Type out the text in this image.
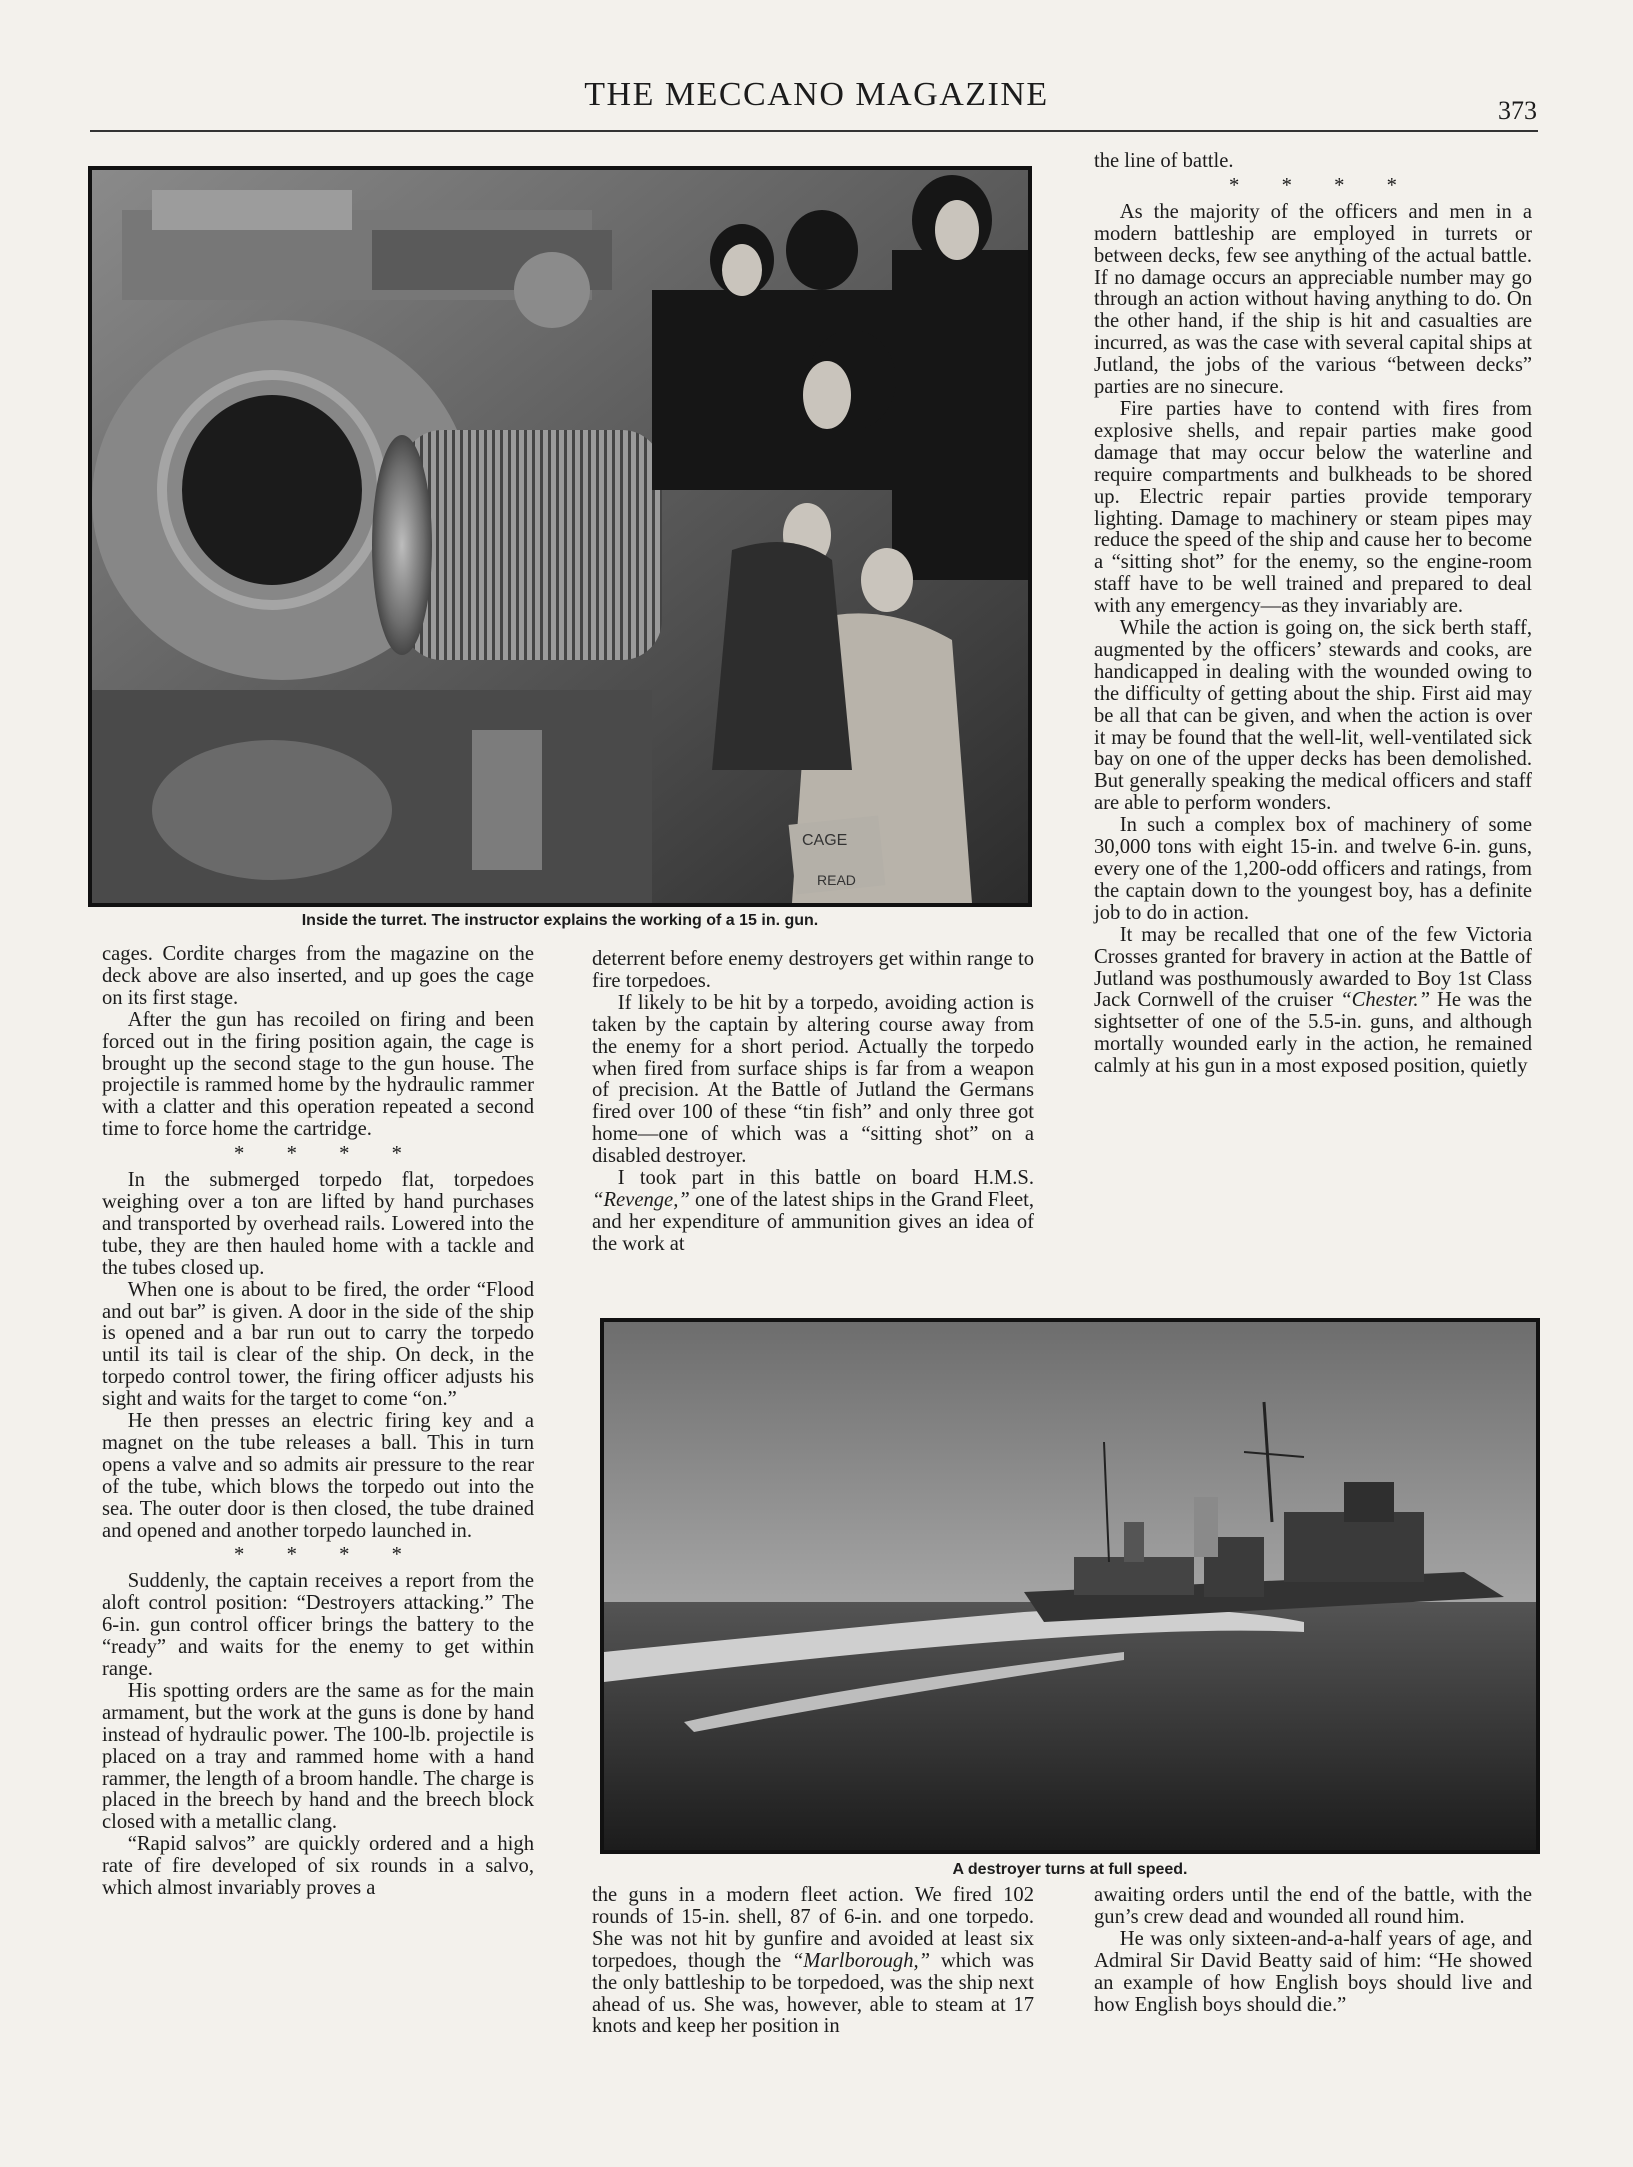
THE MECCANO MAGAZINE	373
CAGE
READ
Inside the turret. The instructor explains the working of a 15 in. gun.
A destroyer turns at full speed.

cages. Cordite charges from the magazine on the deck above are also inserted, and up goes the cage on its first stage.

After the gun has recoiled on firing and been forced out in the firing position again, the cage is brought up the second stage to the gun house. The projectile is rammed home by the hydraulic rammer with a clatter and this operation repeated a second time to force home the cartridge.

* * * *

In the submerged torpedo flat, torpedoes weighing over a ton are lifted by hand purchases and transported by overhead rails. Lowered into the tube, they are then hauled home with a tackle and the tubes closed up.

When one is about to be fired, the order “Flood and out bar” is given. A door in the side of the ship is opened and a bar run out to carry the torpedo until its tail is clear of the ship. On deck, in the torpedo control tower, the firing officer adjusts his sight and waits for the target to come “on.”

He then presses an electric firing key and a magnet on the tube releases a ball. This in turn opens a valve and so admits air pressure to the rear of the tube, which blows the torpedo out into the sea. The outer door is then closed, the tube drained and opened and another torpedo launched in.

* * * *

Suddenly, the captain receives a report from the aloft control position: “Destroyers attacking.” The 6-in. gun control officer brings the battery to the “ready” and waits for the enemy to get within range.

His spotting orders are the same as for the main armament, but the work at the guns is done by hand instead of hydraulic power. The 100-lb. projectile is placed on a tray and rammed home with a hand rammer, the length of a broom handle. The charge is placed in the breech by hand and the breech block closed with a metallic clang.

“Rapid salvos” are quickly ordered and a high rate of fire developed of six rounds in a salvo, which almost invariably proves a

deterrent before enemy destroyers get within range to fire torpedoes.

If likely to be hit by a torpedo, avoiding action is taken by the captain by altering course away from the enemy for a short period. Actually the torpedo when fired from surface ships is far from a weapon of precision. At the Battle of Jutland the Germans fired over 100 of these “tin fish” and only three got home—one of which was a “sitting shot” on a disabled destroyer.

I took part in this battle on board H.M.S. “Revenge,” one of the latest ships in the Grand Fleet, and her expenditure of ammunition gives an idea of the work at

the guns in a modern fleet action. We fired 102 rounds of 15-in. shell, 87 of 6-in. and one torpedo. She was not hit by gunfire and avoided at least six torpedoes, though the “Marlborough,” which was the only battleship to be torpedoed, was the ship next ahead of us. She was, however, able to steam at 17 knots and keep her position in

the line of battle.

* * * *

As the majority of the officers and men in a modern battleship are employed in turrets or between decks, few see anything of the actual battle. If no damage occurs an appreciable number may go through an action without having anything to do. On the other hand, if the ship is hit and casualties are incurred, as was the case with several capital ships at Jutland, the jobs of the various “between decks” parties are no sinecure.

Fire parties have to contend with fires from explosive shells, and repair parties make good damage that may occur below the waterline and require compartments and bulkheads to be shored up. Electric repair parties provide temporary lighting. Damage to machinery or steam pipes may reduce the speed of the ship and cause her to become a “sitting shot” for the enemy, so the engine-room staff have to be well trained and prepared to deal with any emergency—as they invariably are.

While the action is going on, the sick berth staff, augmented by the officers’ stewards and cooks, are handicapped in dealing with the wounded owing to the difficulty of getting about the ship. First aid may be all that can be given, and when the action is over it may be found that the well-lit, well-ventilated sick bay on one of the upper decks has been demolished. But generally speaking the medical officers and staff are able to perform wonders.

In such a complex box of machinery of some 30,000 tons with eight 15-in. and twelve 6-in. guns, every one of the 1,200-odd officers and ratings, from the captain down to the youngest boy, has a definite job to do in action.

It may be recalled that one of the few Victoria Crosses granted for bravery in action at the Battle of Jutland was posthumously awarded to Boy 1st Class Jack Cornwell of the cruiser “Chester.” He was the sightsetter of one of the 5.5-in. guns, and although mortally wounded early in the action, he remained calmly at his gun in a most exposed position, quietly

awaiting orders until the end of the battle, with the gun’s crew dead and wounded all round him.

He was only sixteen-and-a-half years of age, and Admiral Sir David Beatty said of him: “He showed an example of how English boys should live and how English boys should die.”
